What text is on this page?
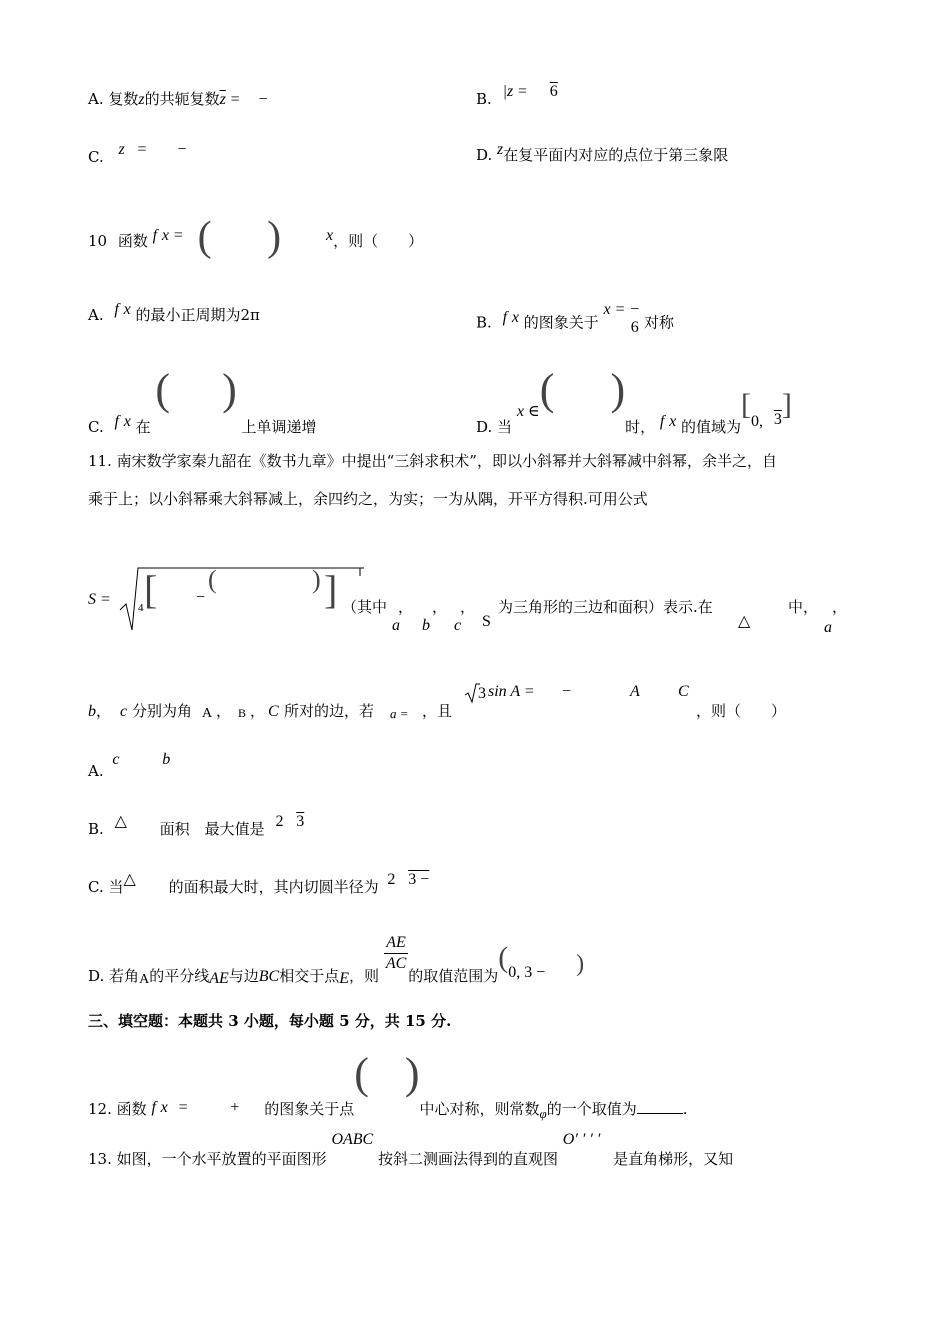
A. 复数z的共轭复数$\overline{z}$ = −	B. |z = 6
C. z = −	D. z在复平面内对应的点位于第三象限
10 函数 f x = ( )	x，则（　　）
A. f x 的最小正周期为2π	B. f x 的图象关于 x = −
6 对称
C. f x 在 ( ) 上单调递增	D. 当 x ∈( )时， f x 的值域为[0, 3]
11. 南宋数学家秦九韶在《数书九章》中提出“三斜求积术”，即以小斜幂并大斜幂减中斜幂，余半之，自
乘于上；以小斜幂乘大斜幂减上，余四约之，为实；一为从隅，开平方得积.可用公式
S = 4 [ −
(	) ] （其中
a
，
b
，
c
，
S
为三角形的三边和面积）表示.在
△
中， ，
a
b ， c 分别为角 A ， B ， C 所对的边，若 a = ，且
3 sin A = −	A C
，则（　　）
A. c	b
B. △ 面积　最大值是 2 3
C. 当△ 的面积最大时，其内切圆半径为 2 3 −
D. 若角A的平分线AE与边BC相交于点E，则
$\frac{AE}{AC}$
的取值范围为(0, 3 − )
三、填空题：本题共 3 小题，每小题 5 分，共 15 分.
12. 函数 f x =	+ 的图象关于点( )中心对称，则常数φ的一个取值为	.
13. 如图，一个水平放置的平面图形 OABC 按斜二测画法得到的直观图 O′ ′ ′ ′ 是直角梯形，又知
